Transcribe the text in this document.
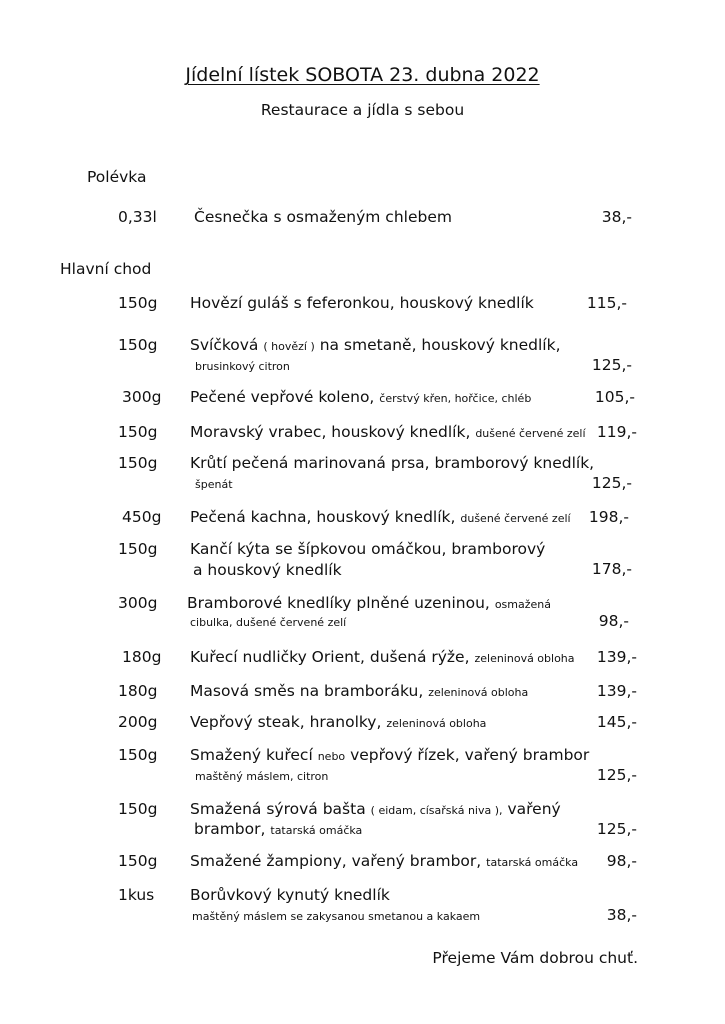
Jídelní lístek SOBOTA 23. dubna 2022
Restaurace a jídla s sebou
Polévka
0,33l Česnečka s osmaženým chlebem	38,-
Hlavní chod
150g Hovězí guláš s feferonkou, houskový knedlík	115,-
150g Svíčková ( hovězí ) na smetaně, houskový knedlík,
brusinkový citron	125,-
300g Pečené vepřové koleno, čerstvý křen, hořčice, chléb	105,-
150g Moravský vrabec, houskový knedlík, dušené červené zelí 119,-
150g Krůtí pečená marinovaná prsa, bramborový knedlík,
špenát	125,-
450g Pečená kachna, houskový knedlík, dušené červené zelí 198,-
150g Kančí kýta se šípkovou omáčkou, bramborový
a houskový knedlík	178,-
300g Bramborové knedlíky plněné uzeninou, osmažená
cibulka, dušené červené zelí	98,-
180g Kuřecí nudličky Orient, dušená rýže, zeleninová obloha 139,-
180g Masová směs na bramboráku, zeleninová obloha	139,-
200g Vepřový steak, hranolky, zeleninová obloha	145,-
150g Smažený kuřecí nebo vepřový řízek, vařený brambor
maštěný máslem, citron	125,-
150g Smažená sýrová bašta ( eidam, císařská niva ), vařený
brambor, tatarská omáčka	125,-
150g Smažené žampiony, vařený brambor, tatarská omáčka 98,-
1kus Borůvkový kynutý knedlík
maštěný máslem se zakysanou smetanou a kakaem	38,-
Přejeme Vám dobrou chuť.
